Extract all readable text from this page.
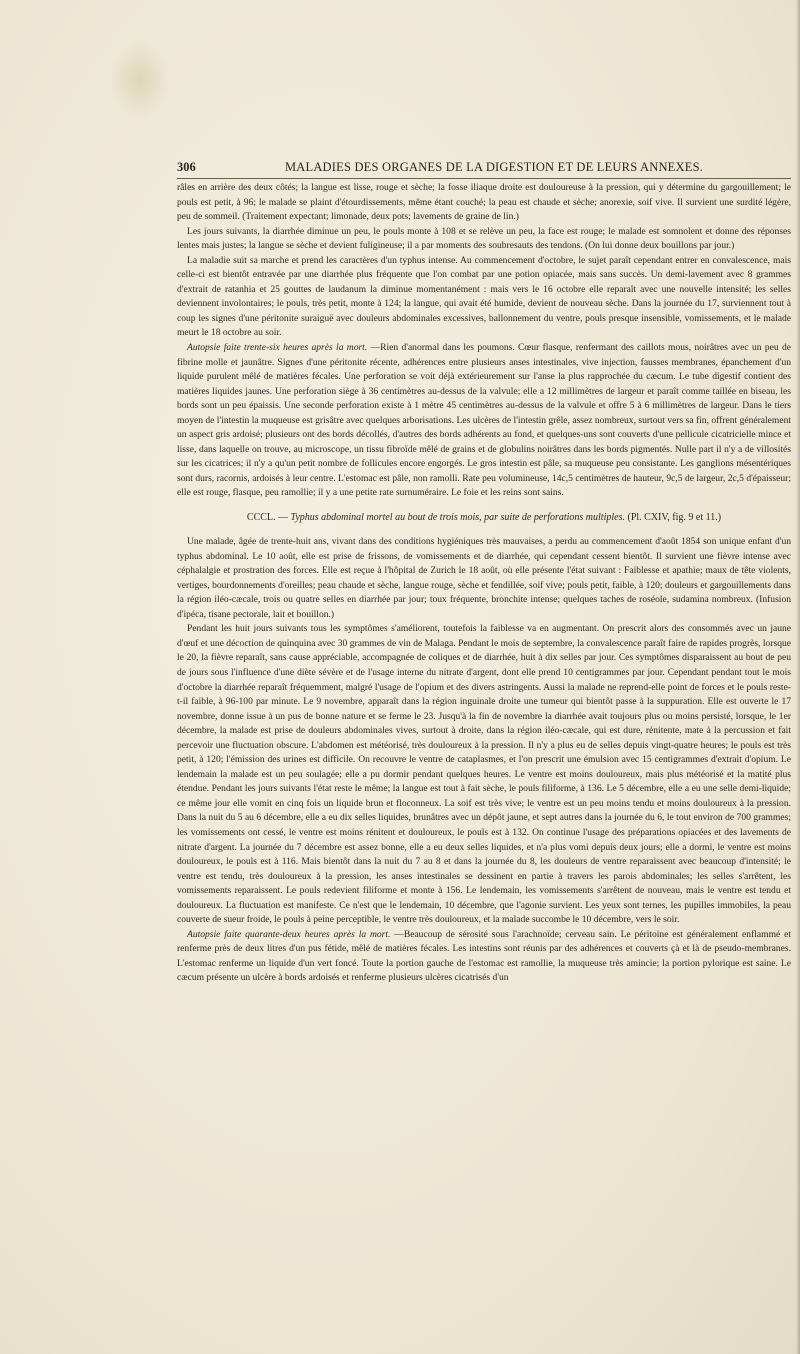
306	MALADIES DES ORGANES DE LA DIGESTION ET DE LEURS ANNEXES.

râles en arrière des deux côtés; la langue est lisse, rouge et sèche; la fosse iliaque droite est douloureuse à la pression, qui y détermine du gargouillement; le pouls est petit, à 96; le malade se plaint d'étourdissements, même étant couché; la peau est chaude et sèche; anorexie, soif vive. Il survient une surdité légère, peu de sommeil. (Traitement expectant; limonade, deux pots; lavements de graine de lin.)

Les jours suivants, la diarrhée diminue un peu, le pouls monte à 108 et se relève un peu, la face est rouge; le malade est somnolent et donne des réponses lentes mais justes; la langue se sèche et devient fuligineuse; il a par moments des soubresauts des tendons. (On lui donne deux bouillons par jour.)

La maladie suit sa marche et prend les caractères d'un typhus intense. Au commencement d'octobre, le sujet paraît cependant entrer en convalescence, mais celle-ci est bientôt entravée par une diarrhée plus fréquente que l'on combat par une potion opiacée, mais sans succès. Un demi-lavement avec 8 grammes d'extrait de ratanhia et 25 gouttes de laudanum la diminue momentanément : mais vers le 16 octobre elle reparaît avec une nouvelle intensité; les selles deviennent involontaires; le pouls, très petit, monte à 124; la langue, qui avait été humide, devient de nouveau sèche. Dans la journée du 17, surviennent tout à coup les signes d'une péritonite suraiguë avec douleurs abdominales excessives, ballonnement du ventre, pouls presque insensible, vomissements, et le malade meurt le 18 octobre au soir.

Autopsie faite trente-six heures après la mort. —Rien d'anormal dans les poumons. Cœur flasque, renfermant des caillots mous, noirâtres avec un peu de fibrine molle et jaunâtre. Signes d'une péritonite récente, adhérences entre plusieurs anses intestinales, vive injection, fausses membranes, épanchement d'un liquide purulent mêlé de matières fécales. Une perforation se voit déjà extérieurement sur l'anse la plus rapprochée du cæcum. Le tube digestif contient des matières liquides jaunes. Une perforation siège à 36 centimètres au-dessus de la valvule; elle a 12 millimètres de largeur et paraît comme taillée en biseau, les bords sont un peu épaissis. Une seconde perforation existe à 1 mètre 45 centimètres au-dessus de la valvule et offre 5 à 6 millimètres de largeur. Dans le tiers moyen de l'intestin la muqueuse est grisâtre avec quelques arborisations. Les ulcères de l'intestin grêle, assez nombreux, surtout vers sa fin, offrent généralement un aspect gris ardoisé; plusieurs ont des bords décollés, d'autres des bords adhérents au fond, et quelques-uns sont couverts d'une pellicule cicatricielle mince et lisse, dans laquelle on trouve, au microscope, un tissu fibroïde mêlé de grains et de globulins noirâtres dans les bords pigmentés. Nulle part il n'y a de villosités sur les cicatrices; il n'y a qu'un petit nombre de follicules encore engorgés. Le gros intestin est pâle, sa muqueuse peu consistante. Les ganglions mésentériques sont durs, racornis, ardoisés à leur centre. L'estomac est pâle, non ramolli. Rate peu volumineuse, 14c,5 centimètres de hauteur, 9c,5 de largeur, 2c,5 d'épaisseur; elle est rouge, flasque, peu ramollie; il y a une petite rate surnuméraire. Le foie et les reins sont sains.

CCCL. — Typhus abdominal mortel au bout de trois mois, par suite de perforations multiples. (Pl. CXIV, fig. 9 et 11.)

Une malade, âgée de trente-huit ans, vivant dans des conditions hygiéniques très mauvaises, a perdu au commencement d'août 1854 son unique enfant d'un typhus abdominal. Le 10 août, elle est prise de frissons, de vomissements et de diarrhée, qui cependant cessent bientôt. Il survient une fièvre intense avec céphalalgie et prostration des forces. Elle est reçue à l'hôpital de Zurich le 18 août, où elle présente l'état suivant : Faiblesse et apathie; maux de tête violents, vertiges, bourdonnements d'oreilles; peau chaude et sèche, langue rouge, sèche et fendillée, soif vive; pouls petit, faible, à 120; douleurs et gargouillements dans la région iléo-cæcale, trois ou quatre selles en diarrhée par jour; toux fréquente, bronchite intense; quelques taches de roséole, sudamina nombreux. (Infusion d'ipéca, tisane pectorale, lait et bouillon.)

Pendant les huit jours suivants tous les symptômes s'améliorent, toutefois la faiblesse va en augmentant. On prescrit alors des consommés avec un jaune d'œuf et une décoction de quinquina avec 30 grammes de vin de Malaga. Pendant le mois de septembre, la convalescence paraît faire de rapides progrès, lorsque le 20, la fièvre reparaît, sans cause appréciable, accompagnée de coliques et de diarrhée, huit à dix selles par jour. Ces symptômes disparaissent au bout de peu de jours sous l'influence d'une diète sévère et de l'usage interne du nitrate d'argent, dont elle prend 10 centigrammes par jour. Cependant pendant tout le mois d'octobre la diarrhée reparaît fréquemment, malgré l'usage de l'opium et des divers astringents. Aussi la malade ne reprend-elle point de forces et le pouls reste-t-il faible, à 96-100 par minute. Le 9 novembre, apparaît dans la région inguinale droite une tumeur qui bientôt passe à la suppuration. Elle est ouverte le 17 novembre, donne issue à un pus de bonne nature et se ferme le 23. Jusqu'à la fin de novembre la diarrhée avait toujours plus ou moins persisté, lorsque, le 1er décembre, la malade est prise de douleurs abdominales vives, surtout à droite, dans la région iléo-cæcale, qui est dure, rénitente, mate à la percussion et fait percevoir une fluctuation obscure. L'abdomen est météorisé, très douloureux à la pression. Il n'y a plus eu de selles depuis vingt-quatre heures; le pouls est très petit, à 120; l'émission des urines est difficile. On recouvre le ventre de cataplasmes, et l'on prescrit une émulsion avec 15 centigrammes d'extrait d'opium. Le lendemain la malade est un peu soulagée; elle a pu dormir pendant quelques heures. Le ventre est moins douloureux, mais plus météorisé et la matité plus étendue. Pendant les jours suivants l'état reste le même; la langue est tout à fait sèche, le pouls filiforme, à 136. Le 5 décembre, elle a eu une selle demi-liquide; ce même jour elle vomit en cinq fois un liquide brun et floconneux. La soif est très vive; le ventre est un peu moins tendu et moins douloureux à la pression. Dans la nuit du 5 au 6 décembre, elle a eu dix selles liquides, brunâtres avec un dépôt jaune, et sept autres dans la journée du 6, le tout environ de 700 grammes; les vomissements ont cessé, le ventre est moins rénitent et douloureux, le pouls est à 132. On continue l'usage des préparations opiacées et des lavements de nitrate d'argent. La journée du 7 décembre est assez bonne, elle a eu deux selles liquides, et n'a plus vomi depuis deux jours; elle a dormi, le ventre est moins douloureux, le pouls est à 116. Mais bientôt dans la nuit du 7 au 8 et dans la journée du 8, les douleurs de ventre reparaissent avec beaucoup d'intensité; le ventre est tendu, très douloureux à la pression, les anses intestinales se dessinent en partie à travers les parois abdominales; les selles s'arrêtent, les vomissements reparaissent. Le pouls redevient filiforme et monte à 156. Le lendemain, les vomissements s'arrêtent de nouveau, mais le ventre est tendu et douloureux. La fluctuation est manifeste. Ce n'est que le lendemain, 10 décembre, que l'agonie survient. Les yeux sont ternes, les pupilles immobiles, la peau couverte de sueur froide, le pouls à peine perceptible, le ventre très douloureux, et la malade succombe le 10 décembre, vers le soir.

Autopsie faite quarante-deux heures après la mort. —Beaucoup de sérosité sous l'arachnoïde; cerveau sain. Le péritoine est généralement enflammé et renferme près de deux litres d'un pus fétide, mêlé de matières fécales. Les intestins sont réunis par des adhérences et couverts çà et là de pseudo-membranes. L'estomac renferme un liquide d'un vert foncé. Toute la portion gauche de l'estomac est ramollie, la muqueuse très amincie; la portion pylorique est saine. Le cæcum présente un ulcère à bords ardoisés et renferme plusieurs ulcères cicatrisés d'un
